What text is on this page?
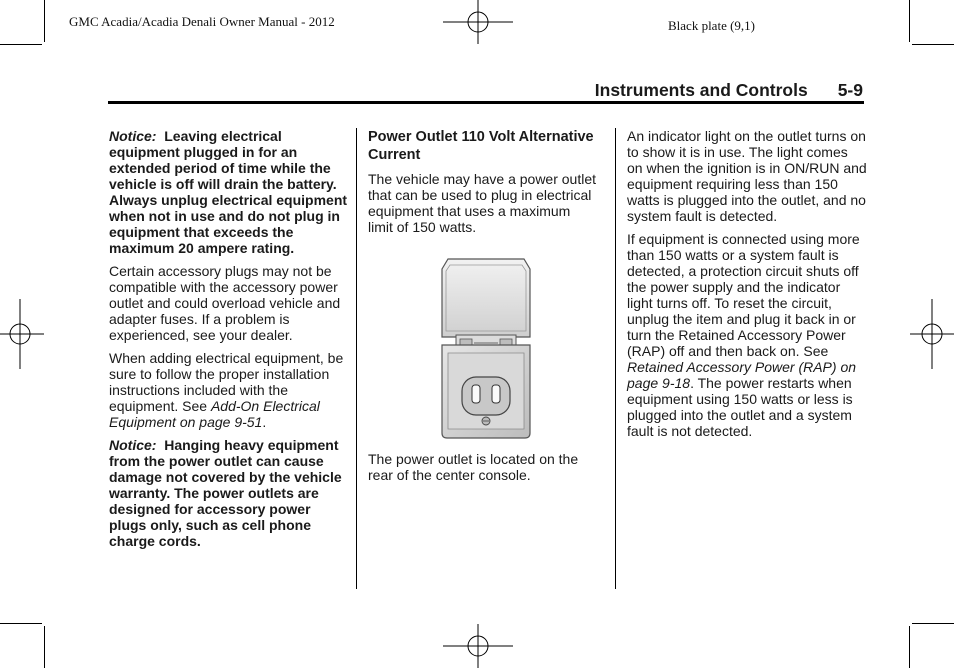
GMC Acadia/Acadia Denali Owner Manual - 2012	Black plate (9,1)
Instruments and Controls 5-9

Notice: Leaving electrical equipment plugged in for an extended period of time while the vehicle is off will drain the battery. Always unplug electrical equipment when not in use and do not plug in equipment that exceeds the maximum 20 ampere rating.

Certain accessory plugs may not be compatible with the accessory power outlet and could overload vehicle and adapter fuses. If a problem is experienced, see your dealer.

When adding electrical equipment, be sure to follow the proper installation instructions included with the equipment. See Add-On Electrical Equipment on page 9-51.

Notice: Hanging heavy equipment from the power outlet can cause damage not covered by the vehicle warranty. The power outlets are designed for accessory power plugs only, such as cell phone charge cords.

Power Outlet 110 Volt Alternative Current

The vehicle may have a power outlet that can be used to plug in electrical equipment that uses a maximum limit of 150 watts.

The power outlet is located on the rear of the center console.

An indicator light on the outlet turns on to show it is in use. The light comes on when the ignition is in ON/RUN and equipment requiring less than 150 watts is plugged into the outlet, and no system fault is detected.

If equipment is connected using more than 150 watts or a system fault is detected, a protection circuit shuts off the power supply and the indicator light turns off. To reset the circuit, unplug the item and plug it back in or turn the Retained Accessory Power (RAP) off and then back on. See Retained Accessory Power (RAP) on page 9-18. The power restarts when equipment using 150 watts or less is plugged into the outlet and a system fault is not detected.
